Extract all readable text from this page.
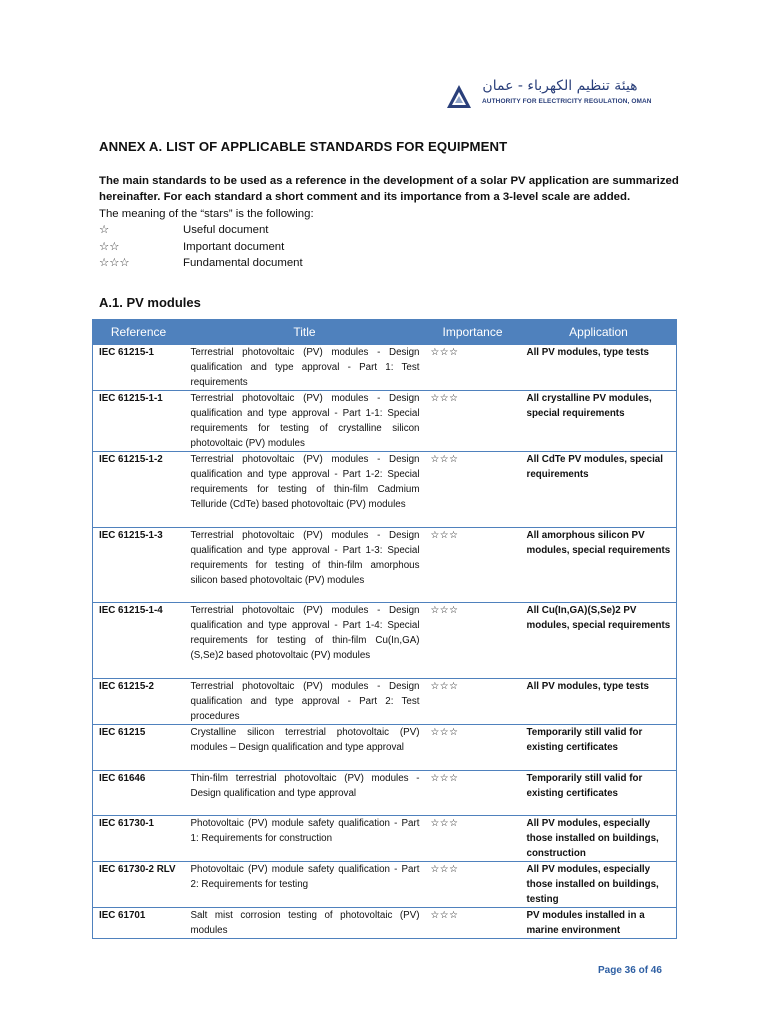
هيئة تنظيم الكهرباء - عمان
AUTHORITY FOR ELECTRICITY REGULATION, OMAN
ANNEX A. LIST OF APPLICABLE STANDARDS FOR EQUIPMENT

The main standards to be used as a reference in the development of a solar PV application are summarized hereinafter. For each standard a short comment and its importance from a 3-level scale are added.

The meaning of the “stars” is the following:

☆	Useful document
☆☆	Important document
☆☆☆	Fundamental document
A.1. PV modules
Reference	Title	Importance	Application
IEC 61215-1	Terrestrial photovoltaic (PV) modules - Design qualification and type approval - Part 1: Test requirements	☆☆☆	All PV modules, type tests
IEC 61215-1-1	Terrestrial photovoltaic (PV) modules - Design qualification and type approval - Part 1-1: Special requirements for testing of crystalline silicon photovoltaic (PV) modules	☆☆☆	All crystalline PV modules, special requirements
IEC 61215-1-2	Terrestrial photovoltaic (PV) modules - Design qualification and type approval - Part 1-2: Special requirements for testing of thin-film Cadmium Telluride (CdTe) based photovoltaic (PV) modules	☆☆☆	All CdTe PV modules, special requirements
IEC 61215-1-3	Terrestrial photovoltaic (PV) modules - Design qualification and type approval - Part 1-3: Special requirements for testing of thin-film amorphous silicon based photovoltaic (PV) modules	☆☆☆	All amorphous silicon PV modules, special requirements
IEC 61215-1-4	Terrestrial photovoltaic (PV) modules - Design qualification and type approval - Part 1-4: Special requirements for testing of thin-film Cu(In,GA)(S,Se)2 based photovoltaic (PV) modules	☆☆☆	All Cu(In,GA)(S,Se)2 PV modules, special requirements
IEC 61215-2	Terrestrial photovoltaic (PV) modules - Design qualification and type approval - Part 2: Test procedures	☆☆☆	All PV modules, type tests
IEC 61215	Crystalline silicon terrestrial photovoltaic (PV) modules – Design qualification and type approval	☆☆☆	Temporarily still valid for existing certificates
IEC 61646	Thin-film terrestrial photovoltaic (PV) modules - Design qualification and type approval	☆☆☆	Temporarily still valid for existing certificates
IEC 61730-1	Photovoltaic (PV) module safety qualification - Part 1: Requirements for construction	☆☆☆	All PV modules, especially those installed on buildings, construction
IEC 61730-2 RLV	Photovoltaic (PV) module safety qualification - Part 2: Requirements for testing	☆☆☆	All PV modules, especially those installed on buildings, testing
IEC 61701	Salt mist corrosion testing of photovoltaic (PV) modules	☆☆☆	PV modules installed in a marine environment
Page 36 of 46
